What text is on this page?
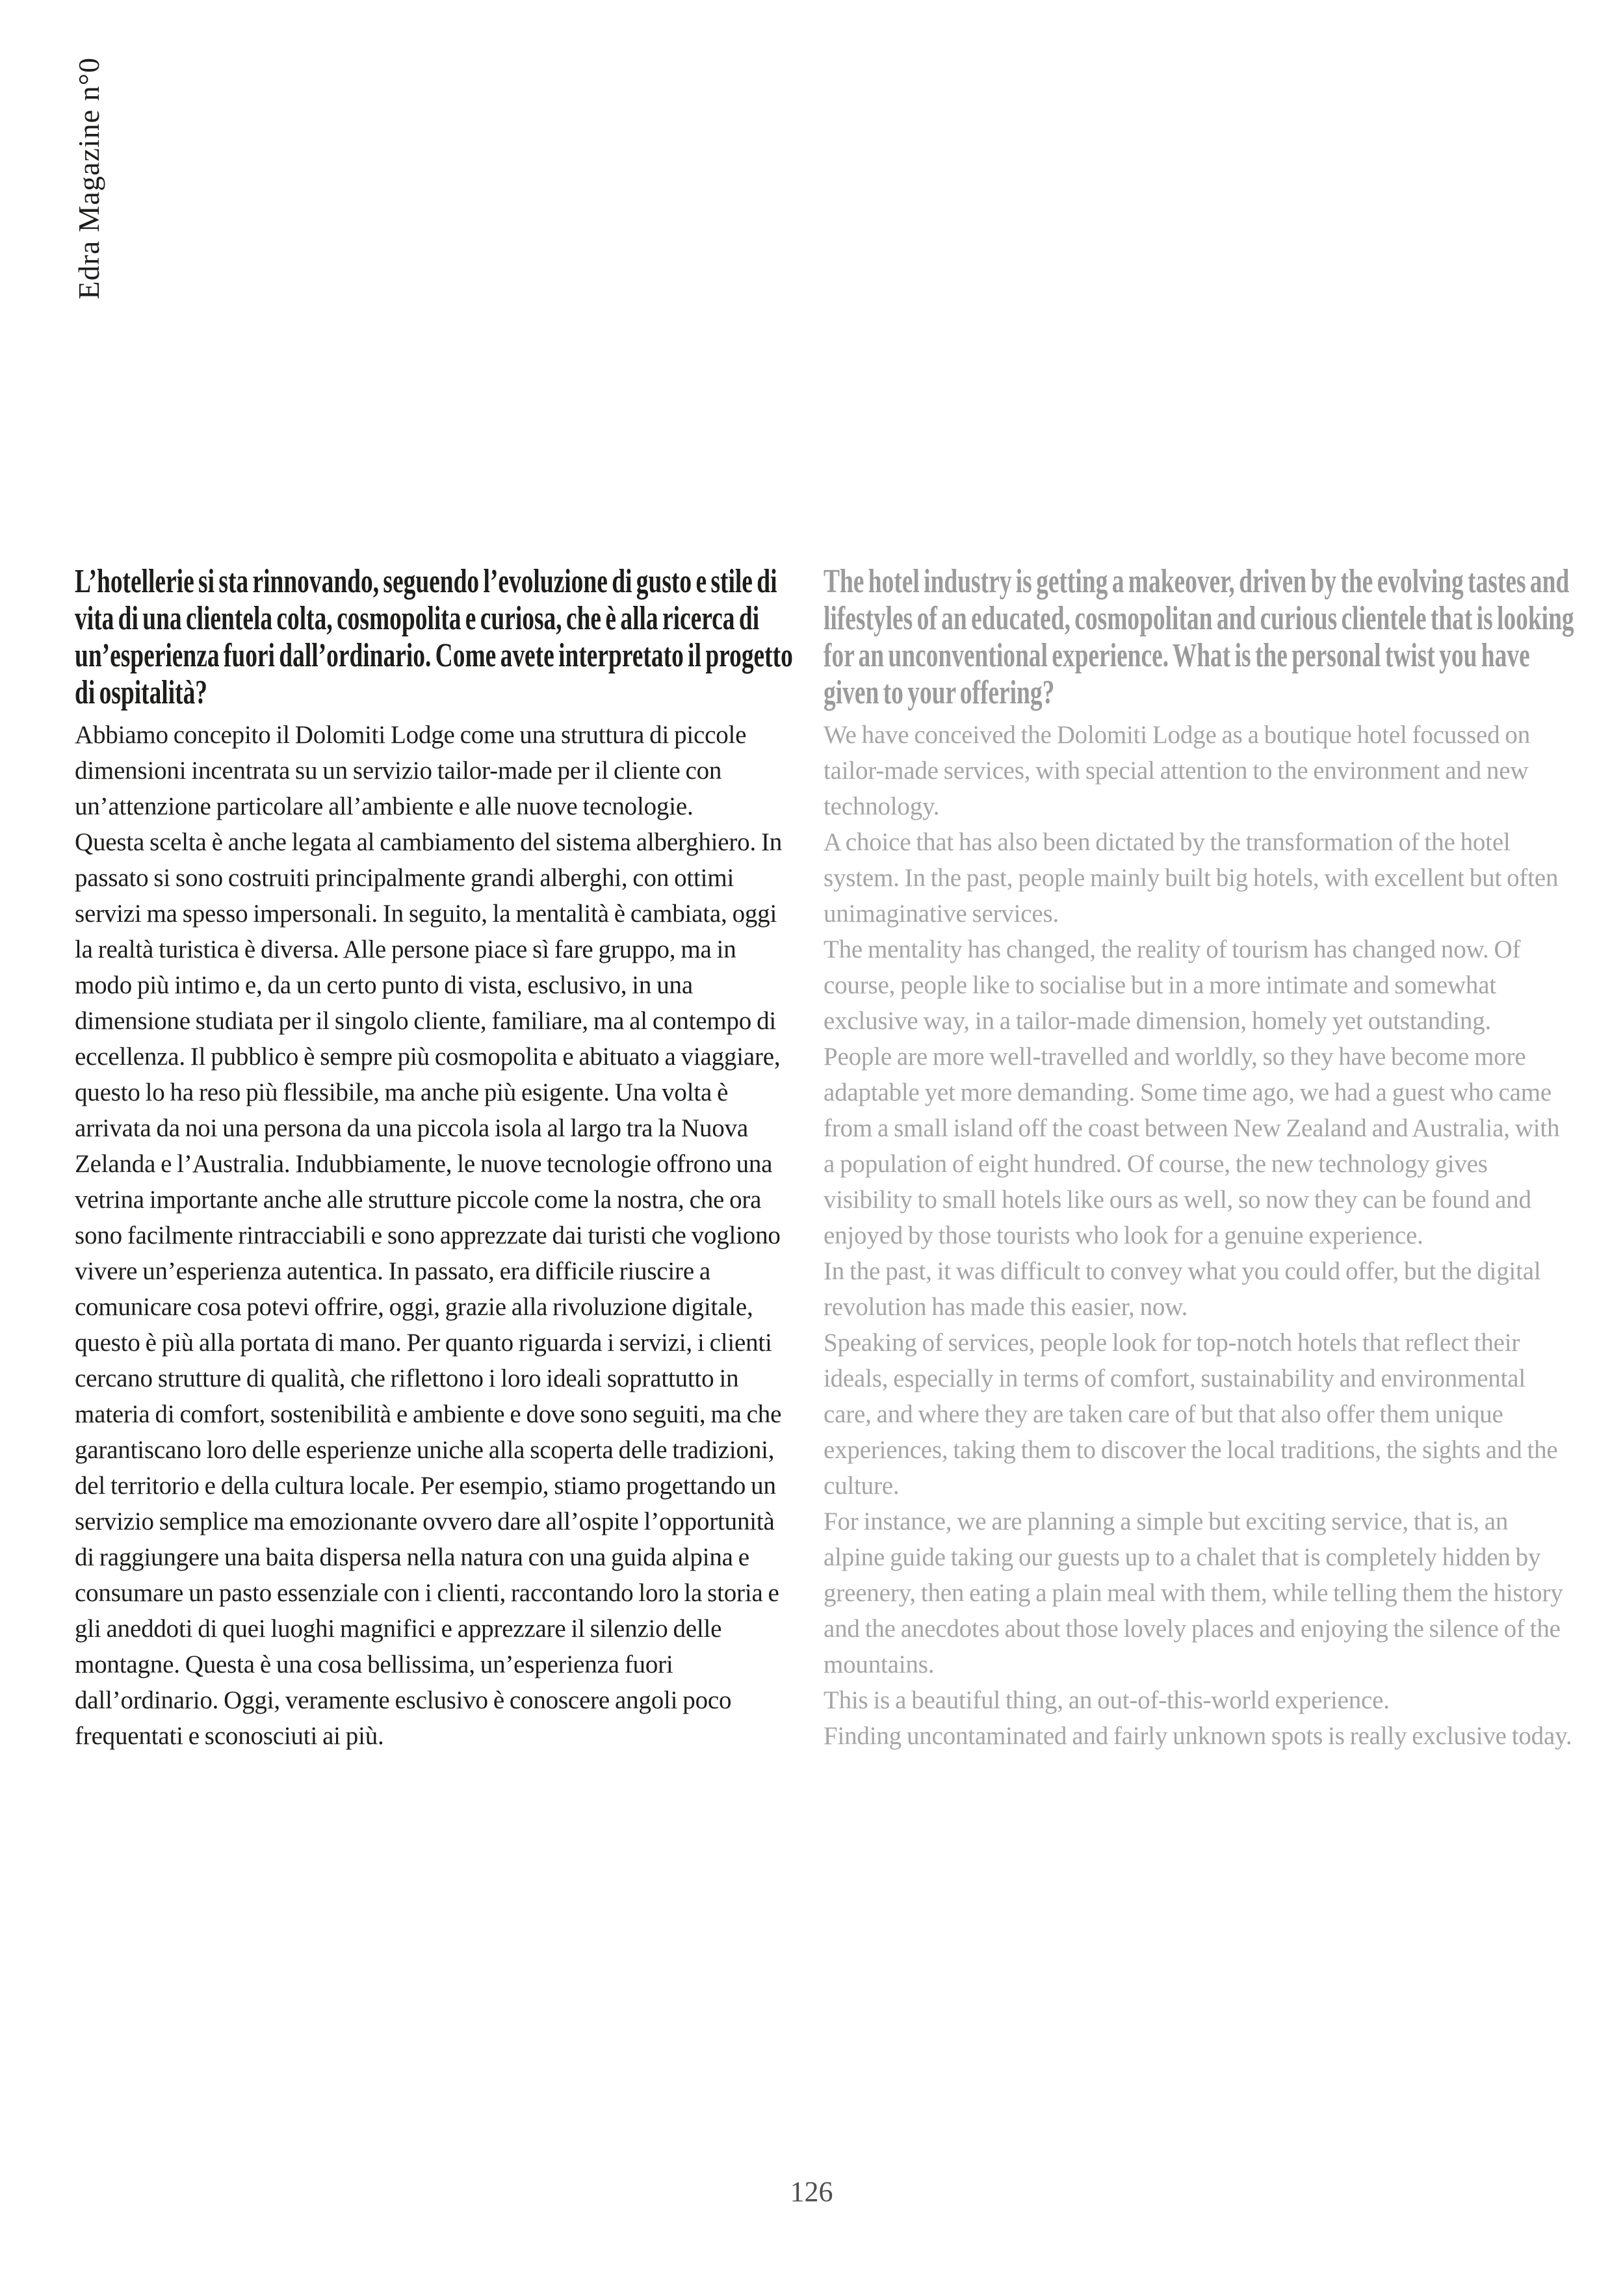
Edra Magazine n°0
L’hotellerie si sta rinnovando, seguendo l’evoluzione di gusto e stile di vita di una clientela colta, cosmopolita e curiosa, che è alla ricerca di un’esperienza fuori dall’ordinario. Come avete interpretato il progetto di ospitalità?

Abbiamo concepito il Dolomiti Lodge come una struttura di piccole dimensioni incentrata su un servizio tailor-made per il cliente con un’attenzione particolare all’ambiente e alle nuove tecnologie.

Questa scelta è anche legata al cambiamento del sistema alberghiero. In passato si sono costruiti principalmente grandi alberghi, con ottimi servizi ma spesso impersonali. In seguito, la mentalità è cambiata, oggi la realtà turistica è diversa. Alle persone piace sì fare gruppo, ma in modo più intimo e, da un certo punto di vista, esclusivo, in una dimensione studiata per il singolo cliente, familiare, ma al contempo di eccellenza. Il pubblico è sempre più cosmopolita e abituato a viaggiare, questo lo ha reso più flessibile, ma anche più esigente. Una volta è arrivata da noi una persona da una piccola isola al largo tra la Nuova Zelanda e l’Australia. Indubbiamente, le nuove tecnologie offrono una vetrina importante anche alle strutture piccole come la nostra, che ora sono facilmente rintracciabili e sono apprezzate dai turisti che vogliono vivere un’esperienza autentica. In passato, era difficile riuscire a comunicare cosa potevi offrire, oggi, grazie alla rivoluzione digitale, questo è più alla portata di mano. Per quanto riguarda i servizi, i clienti cercano strutture di qualità, che riflettono i loro ideali soprattutto in materia di comfort, sostenibilità e ambiente e dove sono seguiti, ma che garantiscano loro delle esperienze uniche alla scoperta delle tradizioni, del territorio e della cultura locale. Per esempio, stiamo progettando un servizio semplice ma emozionante ovvero dare all’ospite l’opportunità di raggiungere una baita dispersa nella natura con una guida alpina e consumare un pasto essenziale con i clienti, raccontando loro la storia e gli aneddoti di quei luoghi magnifici e apprezzare il silenzio delle montagne. Questa è una cosa bellissima, un’esperienza fuori dall’ordinario. Oggi, veramente esclusivo è conoscere angoli poco frequentati e sconosciuti ai più.

The hotel industry is getting a makeover, driven by the evolving tastes and lifestyles of an educated, cosmopolitan and curious clientele that is looking for an unconventional experience. What is the personal twist you have given to your offering?

We have conceived the Dolomiti Lodge as a boutique hotel focussed on tailor-made services, with special attention to the environment and new technology.

A choice that has also been dictated by the transformation of the hotel system. In the past, people mainly built big hotels, with excellent but often unimaginative services.

The mentality has changed, the reality of tourism has changed now. Of course, people like to socialise but in a more intimate and somewhat exclusive way, in a tailor-made dimension, homely yet outstanding.

People are more well-travelled and worldly, so they have become more adaptable yet more demanding. Some time ago, we had a guest who came from a small island off the coast between New Zealand and Australia, with a population of eight hundred. Of course, the new technology gives visibility to small hotels like ours as well, so now they can be found and enjoyed by those tourists who look for a genuine experience.

In the past, it was difficult to convey what you could offer, but the digital revolution has made this easier, now.

Speaking of services, people look for top-notch hotels that reflect their ideals, especially in terms of comfort, sustainability and environmental care, and where they are taken care of but that also offer them unique experiences, taking them to discover the local traditions, the sights and the culture.

For instance, we are planning a simple but exciting service, that is, an alpine guide taking our guests up to a chalet that is completely hidden by greenery, then eating a plain meal with them, while telling them the history and the anecdotes about those lovely places and enjoying the silence of the mountains.

This is a beautiful thing, an out-of-this-world experience.

Finding uncontaminated and fairly unknown spots is really exclusive today.

126
